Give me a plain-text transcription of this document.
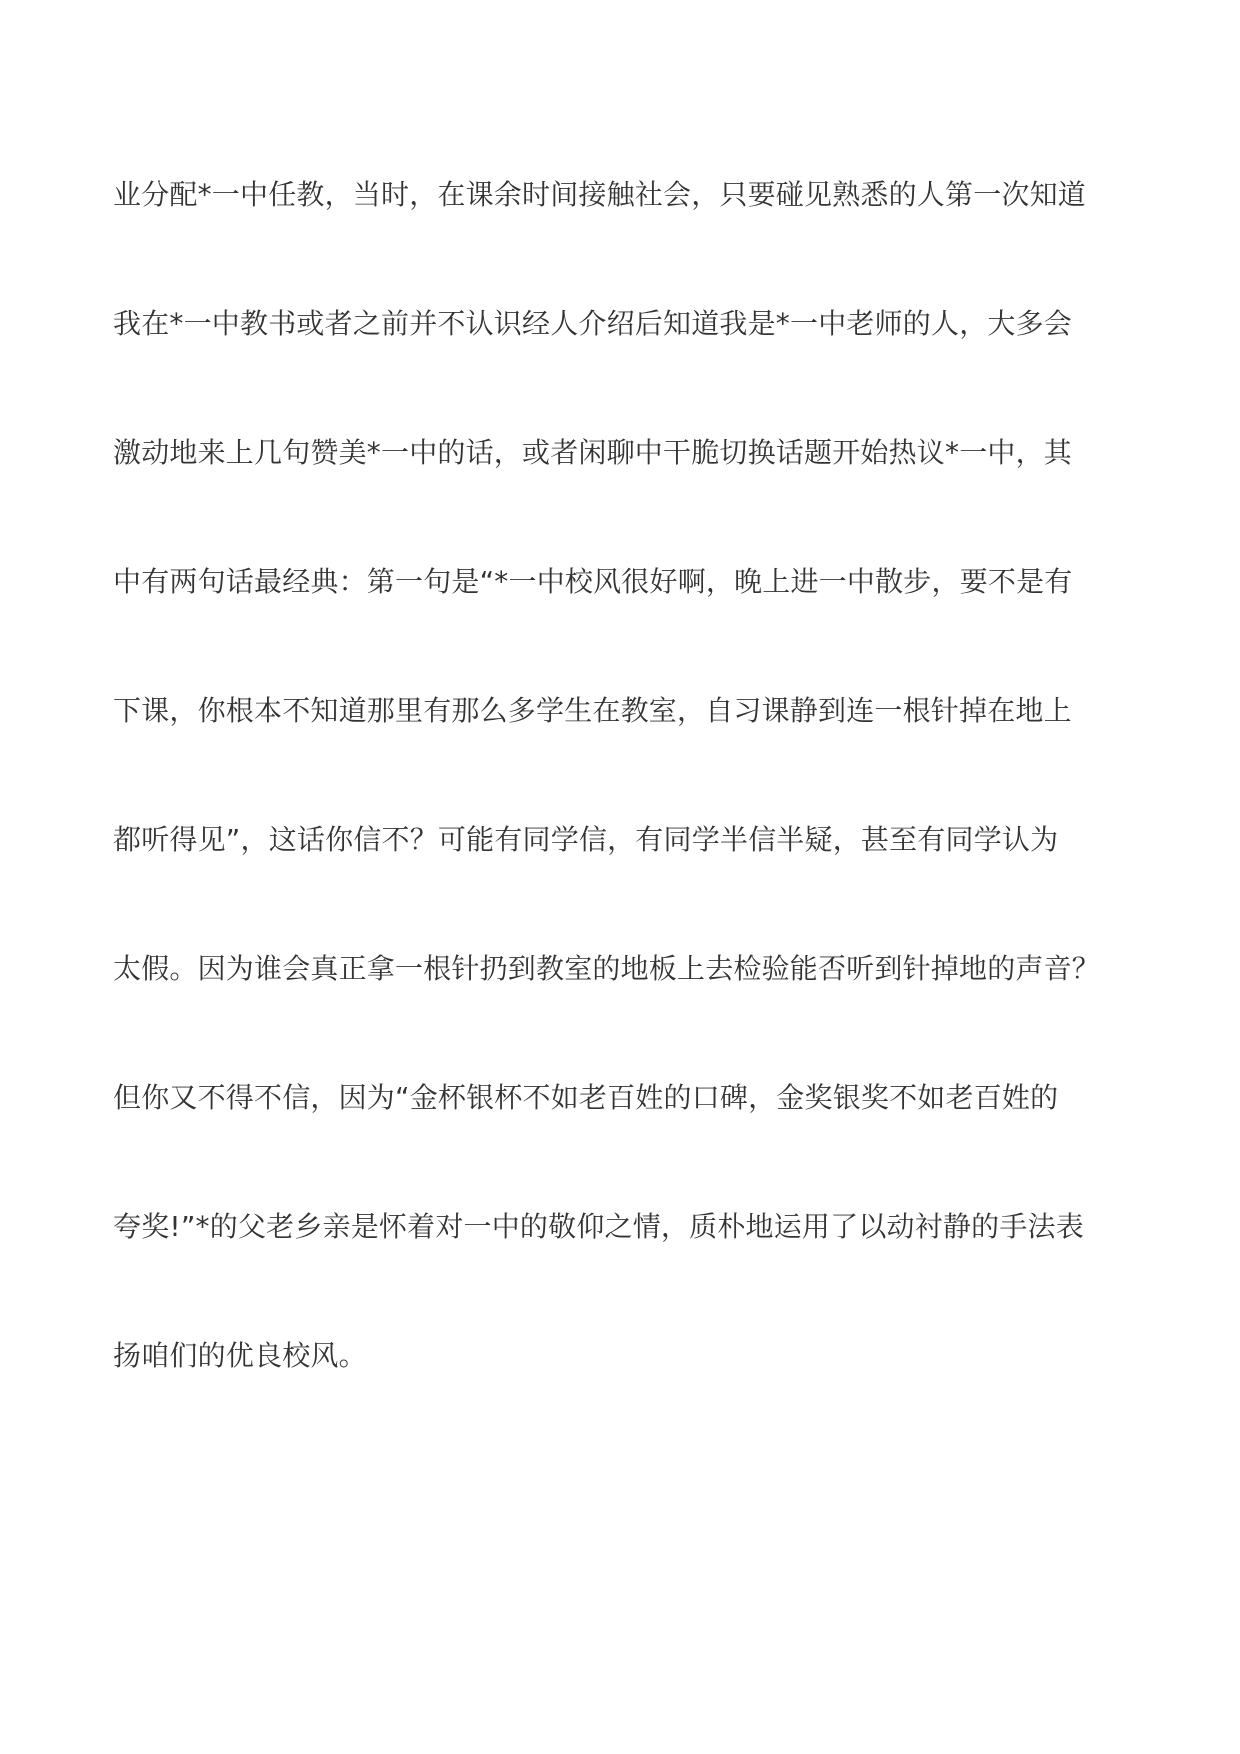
业分配*一中任教，当时，在课余时间接触社会，只要碰见熟悉的人第一次知道
我在*一中教书或者之前并不认识经人介绍后知道我是*一中老师的人，大多会
激动地来上几句赞美*一中的话，或者闲聊中干脆切换话题开始热议*一中，其
中有两句话最经典：第一句是“*一中校风很好啊，晚上进一中散步，要不是有
下课，你根本不知道那里有那么多学生在教室，自习课静到连一根针掉在地上
都听得见”，这话你信不？可能有同学信，有同学半信半疑，甚至有同学认为
太假。因为谁会真正拿一根针扔到教室的地板上去检验能否听到针掉地的声音？
但你又不得不信，因为“金杯银杯不如老百姓的口碑，金奖银奖不如老百姓的
夸奖!”*的父老乡亲是怀着对一中的敬仰之情，质朴地运用了以动衬静的手法表
扬咱们的优良校风。
